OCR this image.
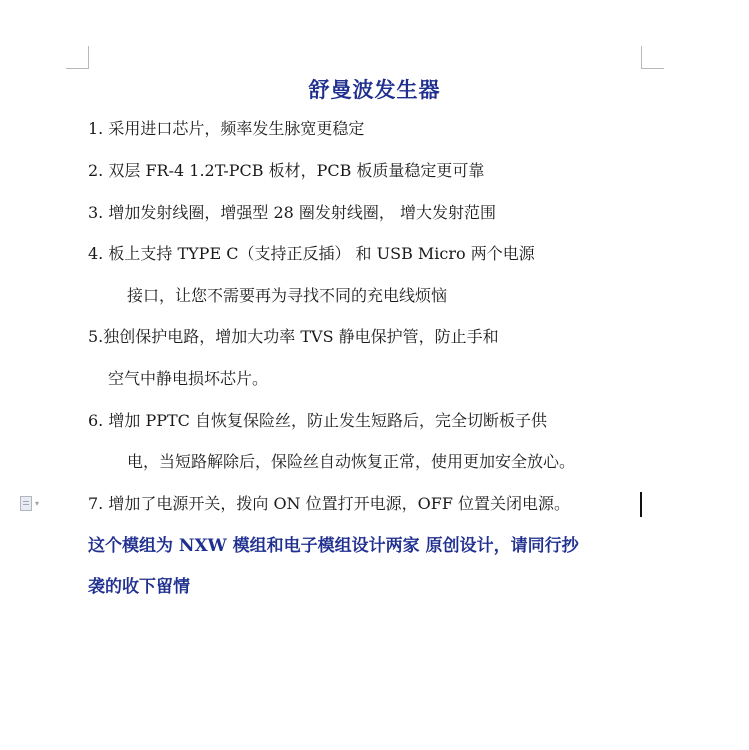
舒曼波发生器
1. 采用进口芯片，频率发生脉宽更稳定
2. 双层 FR-4 1.2T-PCB 板材，PCB 板质量稳定更可靠
3. 增加发射线圈，增强型 28 圈发射线圈， 增大发射范围
4. 板上支持 TYPE C（支持正反插） 和 USB Micro 两个电源
接口，让您不需要再为寻找不同的充电线烦恼
5.独创保护电路，增加大功率 TVS 静电保护管，防止手和
空气中静电损坏芯片。
6. 增加 PPTC 自恢复保险丝，防止发生短路后，完全切断板子供
电，当短路解除后，保险丝自动恢复正常，使用更加安全放心。
7. 增加了电源开关，拨向 ON 位置打开电源，OFF 位置关闭电源。
这个模组为 NXW 模组和电子模组设计两家 原创设计，请同行抄
袭的收下留情
▾
